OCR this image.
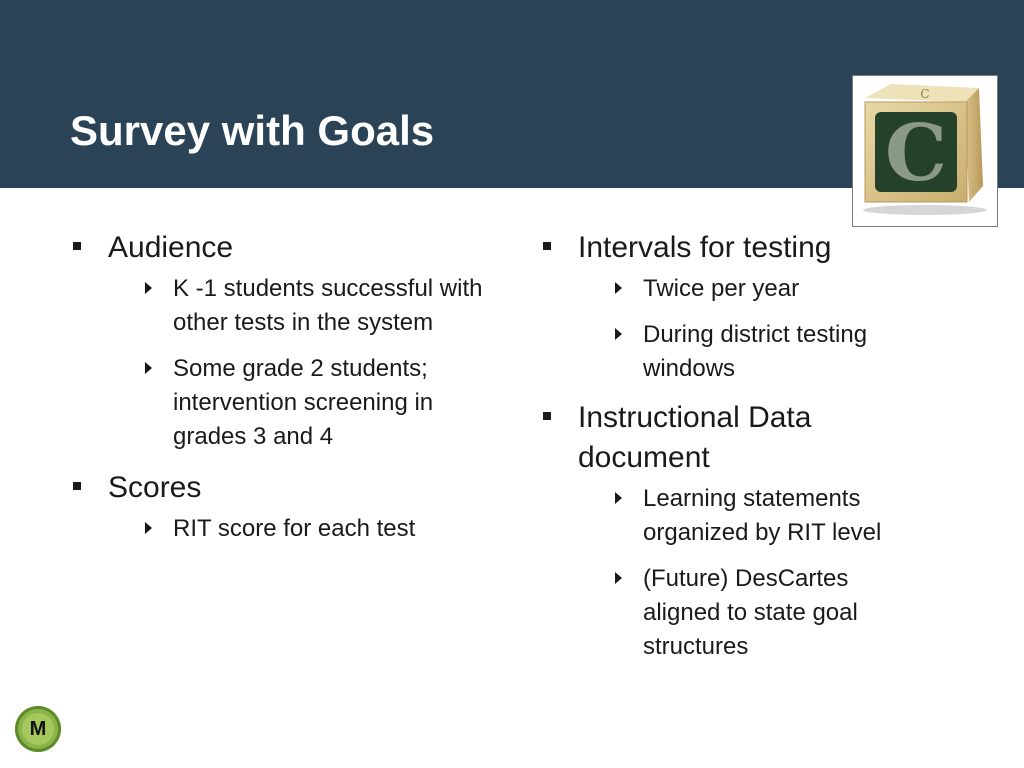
Survey with Goals
C
C
Audience
K -1 students successful with other tests in the system
Some grade 2 students; intervention screening in grades 3 and 4
Scores
RIT score for each test
Intervals for testing
Twice per year
During district testing windows
Instructional Data document
Learning statements organized by RIT level
(Future) DesCartes aligned to state goal structures
M
